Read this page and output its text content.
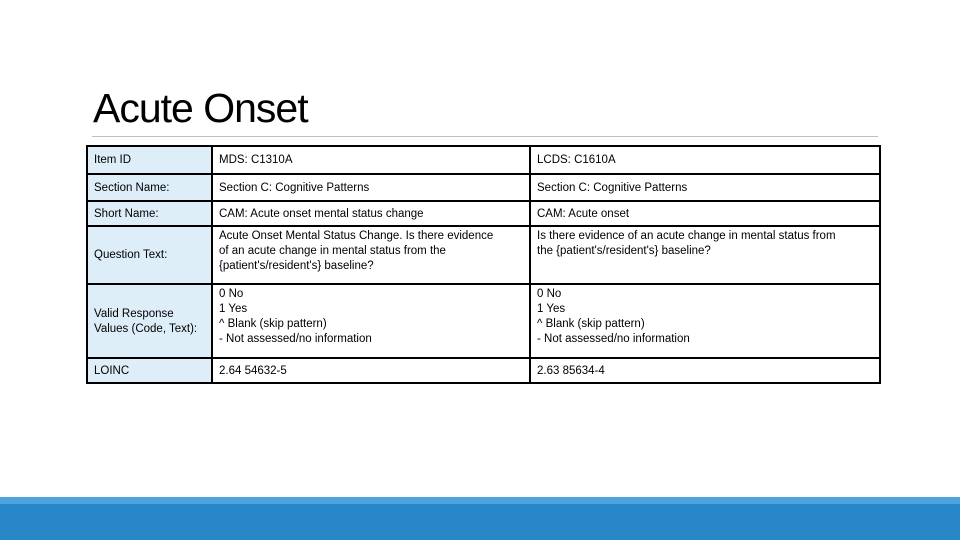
Acute Onset
Item ID	MDS: C1310A	LCDS: C1610A

Section Name:	Section C: Cognitive Patterns	Section C: Cognitive Patterns

Short Name:	CAM: Acute onset mental status change	CAM: Acute onset

Question Text:	Acute Onset Mental Status Change. Is there evidence
of an acute change in mental status from the
{patient's/resident's} baseline?	Is there evidence of an acute change in mental status from
the {patient's/resident's} baseline?

Valid Response Values (Code, Text):	0 No
1 Yes
^ Blank (skip pattern)
- Not assessed/no information	0 No
1 Yes
^ Blank (skip pattern)
- Not assessed/no information

LOINC	2.64 54632-5	2.63 85634-4
